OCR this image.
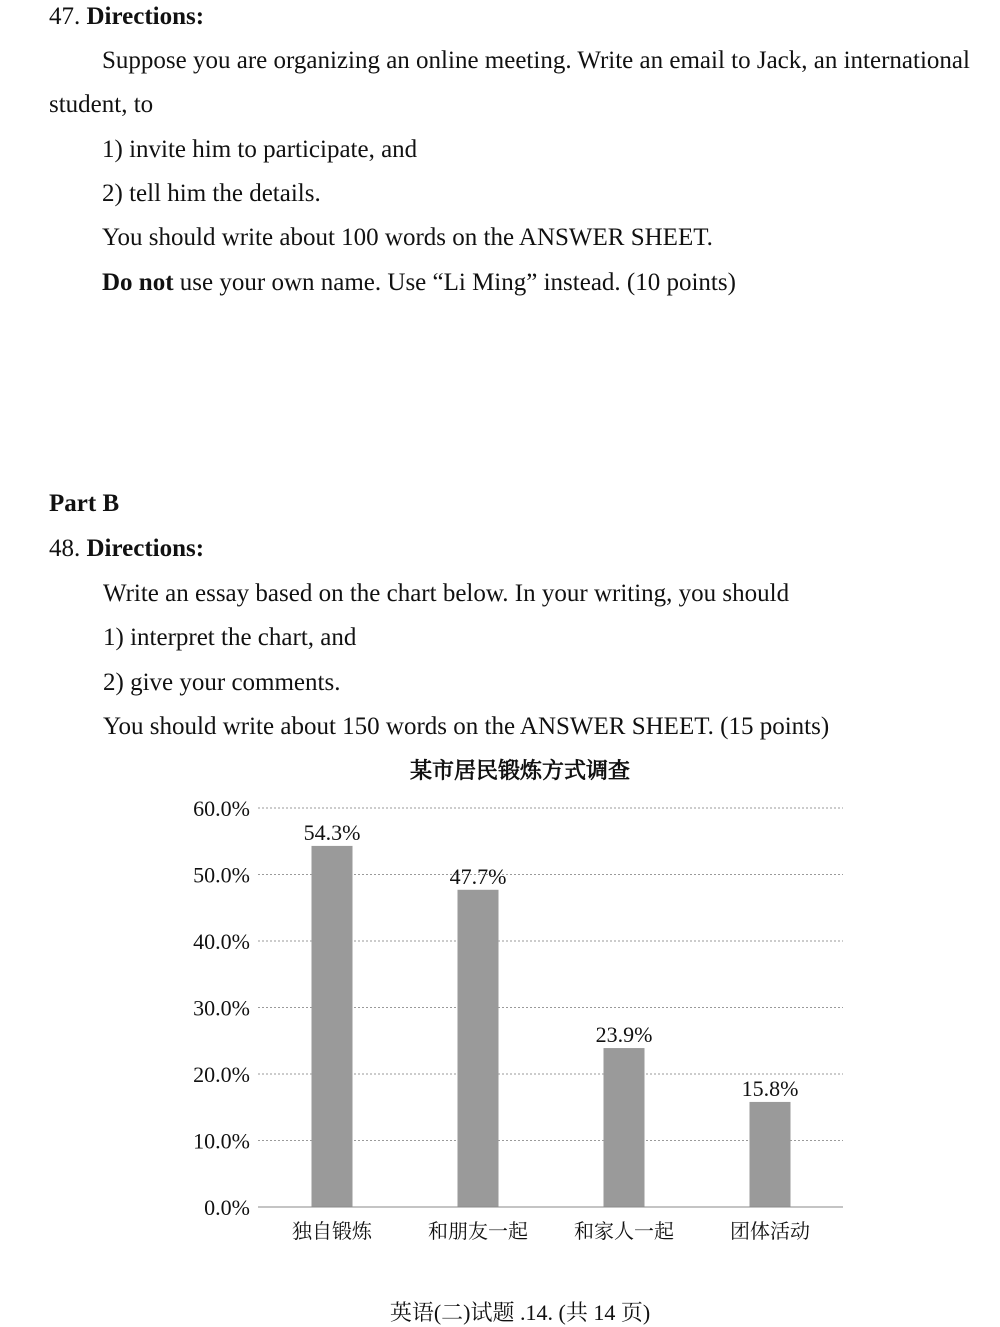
47. Directions:
Suppose you are organizing an online meeting. Write an email to Jack, an international
student, to
1) invite him to participate, and
2) tell him the details.
You should write about 100 words on the ANSWER SHEET.
Do not use your own name. Use “Li Ming” instead. (10 points)
Part B
48. Directions:
Write an essay based on the chart below. In your writing, you should
1) interpret the chart, and
2) give your comments.
You should write about 150 words on the ANSWER SHEET. (15 points)
某市居民锻炼方式调查
0.0%
10.0%
20.0%
30.0%
40.0%
50.0%
60.0%
54.3%
独自锻炼
47.7%
和朋友一起
23.9%
和家人一起
15.8%
团体活动
英语(二)试题 .14. (共 14 页)
